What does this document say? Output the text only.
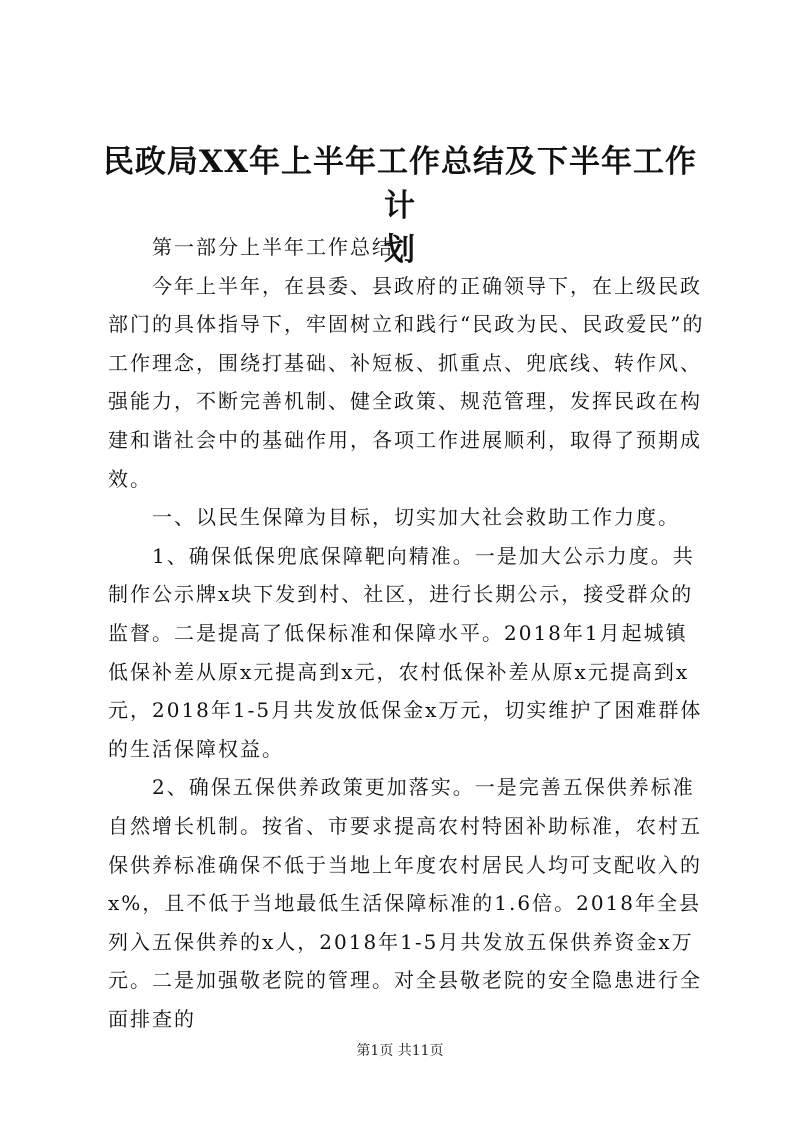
民政局XX年上半年工作总结及下半年工作计
划

第一部分上半年工作总结

今年上半年，在县委、县政府的正确领导下，在上级民政部门的具体指导下，牢固树立和践行“民政为民、民政爱民”的工作理念，围绕打基础、补短板、抓重点、兜底线、转作风、强能力，不断完善机制、健全政策、规范管理，发挥民政在构建和谐社会中的基础作用，各项工作进展顺利，取得了预期成效。

一、以民生保障为目标，切实加大社会救助工作力度。

1、确保低保兜底保障靶向精准。一是加大公示力度。共制作公示牌x块下发到村、社区，进行长期公示，接受群众的监督。二是提高了低保标准和保障水平。2018年1月起城镇低保补差从原x元提高到x元，农村低保补差从原x元提高到x元，2018年1-5月共发放低保金x万元，切实维护了困难群体的生活保障权益。

2、确保五保供养政策更加落实。一是完善五保供养标准自然增长机制。按省、市要求提高农村特困补助标准，农村五保供养标准确保不低于当地上年度农村居民人均可支配收入的x%，且不低于当地最低生活保障标准的1.6倍。2018年全县列入五保供养的x人，2018年1-5月共发放五保供养资金x万元。二是加强敬老院的管理。对全县敬老院的安全隐患进行全面排查的

第1页 共11页
